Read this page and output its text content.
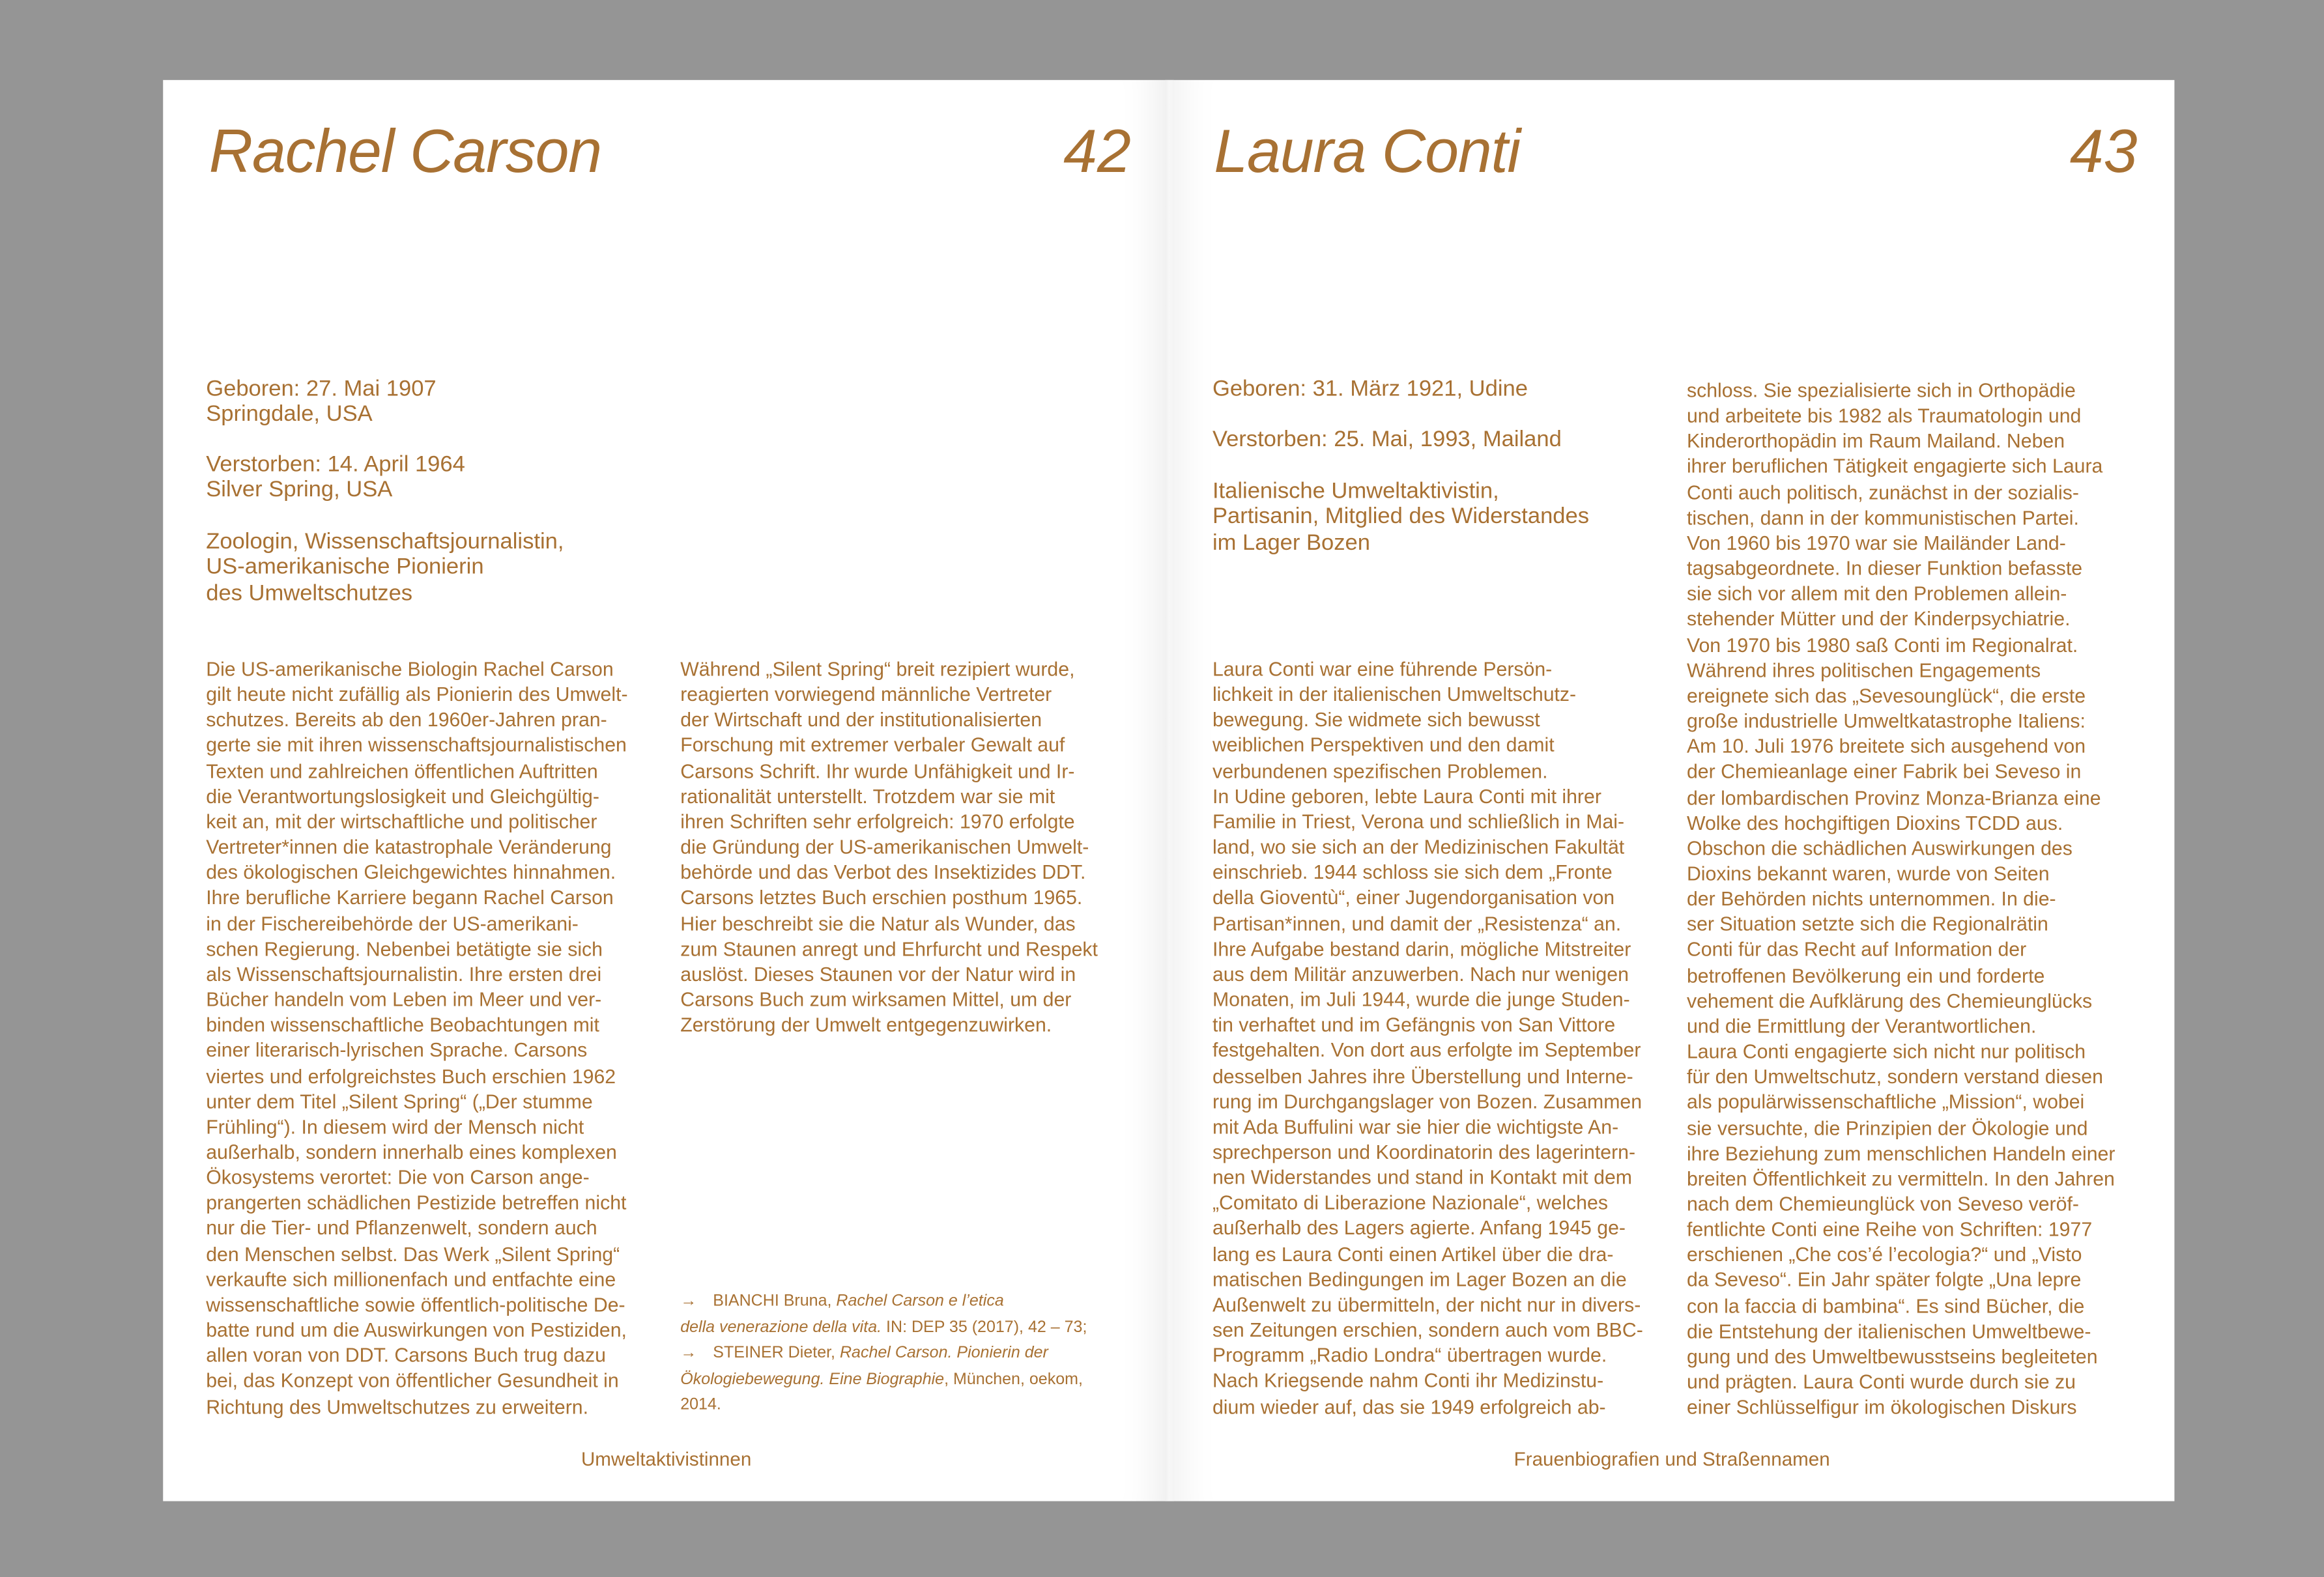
Rachel Carson	42
Geboren: 27. Mai 1907
Springdale, USA
Verstorben: 14. April 1964
Silver Spring, USA
Zoologin, Wissenschaftsjournalistin,
US-amerikanische Pionierin
des Umweltschutzes
Die US-amerikanische Biologin Rachel Carson
gilt heute nicht zufällig als Pionierin des Umwelt-
schutzes. Bereits ab den 1960er-Jahren pran-
gerte sie mit ihren wissenschaftsjournalistischen
Texten und zahlreichen öffentlichen Auftritten
die Verantwortungslosigkeit und Gleichgültig-
keit an, mit der wirtschaftliche und politischer
Vertreter*innen die katastrophale Veränderung
des ökologischen Gleichgewichtes hinnahmen.
Ihre berufliche Karriere begann Rachel Carson
in der Fischereibehörde der US-amerikani-
schen Regierung. Nebenbei betätigte sie sich
als Wissenschaftsjournalistin. Ihre ersten drei
Bücher handeln vom Leben im Meer und ver-
binden wissenschaftliche Beobachtungen mit
einer literarisch-lyrischen Sprache. Carsons
viertes und erfolgreichstes Buch erschien 1962
unter dem Titel „Silent Spring“ („Der stumme
Frühling“). In diesem wird der Mensch nicht
außerhalb, sondern innerhalb eines komplexen
Ökosystems verortet: Die von Carson ange-
prangerten schädlichen Pestizide betreffen nicht
nur die Tier- und Pflanzenwelt, sondern auch
den Menschen selbst. Das Werk „Silent Spring“
verkaufte sich millionenfach und entfachte eine
wissenschaftliche sowie öffentlich-politische De-
batte rund um die Auswirkungen von Pestiziden,
allen voran von DDT. Carsons Buch trug dazu
bei, das Konzept von öffentlicher Gesundheit in
Richtung des Umweltschutzes zu erweitern.
Während „Silent Spring“ breit rezipiert wurde,
reagierten vorwiegend männliche Vertreter
der Wirtschaft und der institutionalisierten
Forschung mit extremer verbaler Gewalt auf
Carsons Schrift. Ihr wurde Unfähigkeit und Ir-
rationalität unterstellt. Trotzdem war sie mit
ihren Schriften sehr erfolgreich: 1970 erfolgte
die Gründung der US-amerikanischen Umwelt-
behörde und das Verbot des Insektizides DDT.
Carsons letztes Buch erschien posthum 1965.
Hier beschreibt sie die Natur als Wunder, das
zum Staunen anregt und Ehrfurcht und Respekt
auslöst. Dieses Staunen vor der Natur wird in
Carsons Buch zum wirksamen Mittel, um der
Zerstörung der Umwelt entgegenzuwirken.
→ BIANCHI Bruna, Rachel Carson e l’etica
della venerazione della vita. IN: DEP 35 (2017), 42 – 73;
→ STEINER Dieter, Rachel Carson. Pionierin der
Ökologiebewegung. Eine Biographie, München, oekom,
2014.
Umweltaktivistinnen
Laura Conti	43
Geboren: 31. März 1921, Udine
Verstorben: 25. Mai, 1993, Mailand
Italienische Umweltaktivistin,
Partisanin, Mitglied des Widerstandes
im Lager Bozen
Laura Conti war eine führende Persön-
lichkeit in der italienischen Umweltschutz-
bewegung. Sie widmete sich bewusst
weiblichen Perspektiven und den damit
verbundenen spezifischen Problemen.
In Udine geboren, lebte Laura Conti mit ihrer
Familie in Triest, Verona und schließlich in Mai-
land, wo sie sich an der Medizinischen Fakultät
einschrieb. 1944 schloss sie sich dem „Fronte
della Gioventù“, einer Jugendorganisation von
Partisan*innen, und damit der „Resistenza“ an.
Ihre Aufgabe bestand darin, mögliche Mitstreiter
aus dem Militär anzuwerben. Nach nur wenigen
Monaten, im Juli 1944, wurde die junge Studen-
tin verhaftet und im Gefängnis von San Vittore
festgehalten. Von dort aus erfolgte im September
desselben Jahres ihre Überstellung und Interne-
rung im Durchgangslager von Bozen. Zusammen
mit Ada Buffulini war sie hier die wichtigste An-
sprechperson und Koordinatorin des lagerintern-
nen Widerstandes und stand in Kontakt mit dem
„Comitato di Liberazione Nazionale“, welches
außerhalb des Lagers agierte. Anfang 1945 ge-
lang es Laura Conti einen Artikel über die dra-
matischen Bedingungen im Lager Bozen an die
Außenwelt zu übermitteln, der nicht nur in divers-
sen Zeitungen erschien, sondern auch vom BBC-
Programm „Radio Londra“ übertragen wurde.
Nach Kriegsende nahm Conti ihr Medizinstu-
dium wieder auf, das sie 1949 erfolgreich ab-
schloss. Sie spezialisierte sich in Orthopädie
und arbeitete bis 1982 als Traumatologin und
Kinderorthopädin im Raum Mailand. Neben
ihrer beruflichen Tätigkeit engagierte sich Laura
Conti auch politisch, zunächst in der sozialis-
tischen, dann in der kommunistischen Partei.
Von 1960 bis 1970 war sie Mailänder Land-
tagsabgeordnete. In dieser Funktion befasste
sie sich vor allem mit den Problemen allein-
stehender Mütter und der Kinderpsychiatrie.
Von 1970 bis 1980 saß Conti im Regionalrat.
Während ihres politischen Engagements
ereignete sich das „Sevesounglück“, die erste
große industrielle Umweltkatastrophe Italiens:
Am 10. Juli 1976 breitete sich ausgehend von
der Chemieanlage einer Fabrik bei Seveso in
der lombardischen Provinz Monza-Brianza eine
Wolke des hochgiftigen Dioxins TCDD aus.
Obschon die schädlichen Auswirkungen des
Dioxins bekannt waren, wurde von Seiten
der Behörden nichts unternommen. In die-
ser Situation setzte sich die Regionalrätin
Conti für das Recht auf Information der
betroffenen Bevölkerung ein und forderte
vehement die Aufklärung des Chemieunglücks
und die Ermittlung der Verantwortlichen.
Laura Conti engagierte sich nicht nur politisch
für den Umweltschutz, sondern verstand diesen
als populärwissenschaftliche „Mission“, wobei
sie versuchte, die Prinzipien der Ökologie und
ihre Beziehung zum menschlichen Handeln einer
breiten Öffentlichkeit zu vermitteln. In den Jahren
nach dem Chemieunglück von Seveso veröf-
fentlichte Conti eine Reihe von Schriften: 1977
erschienen „Che cos’é l’ecologia?“ und „Visto
da Seveso“. Ein Jahr später folgte „Una lepre
con la faccia di bambina“. Es sind Bücher, die
die Entstehung der italienischen Umweltbewe-
gung und des Umweltbewusstseins begleiteten
und prägten. Laura Conti wurde durch sie zu
einer Schlüsselfigur im ökologischen Diskurs
Frauenbiografien und Straßennamen
